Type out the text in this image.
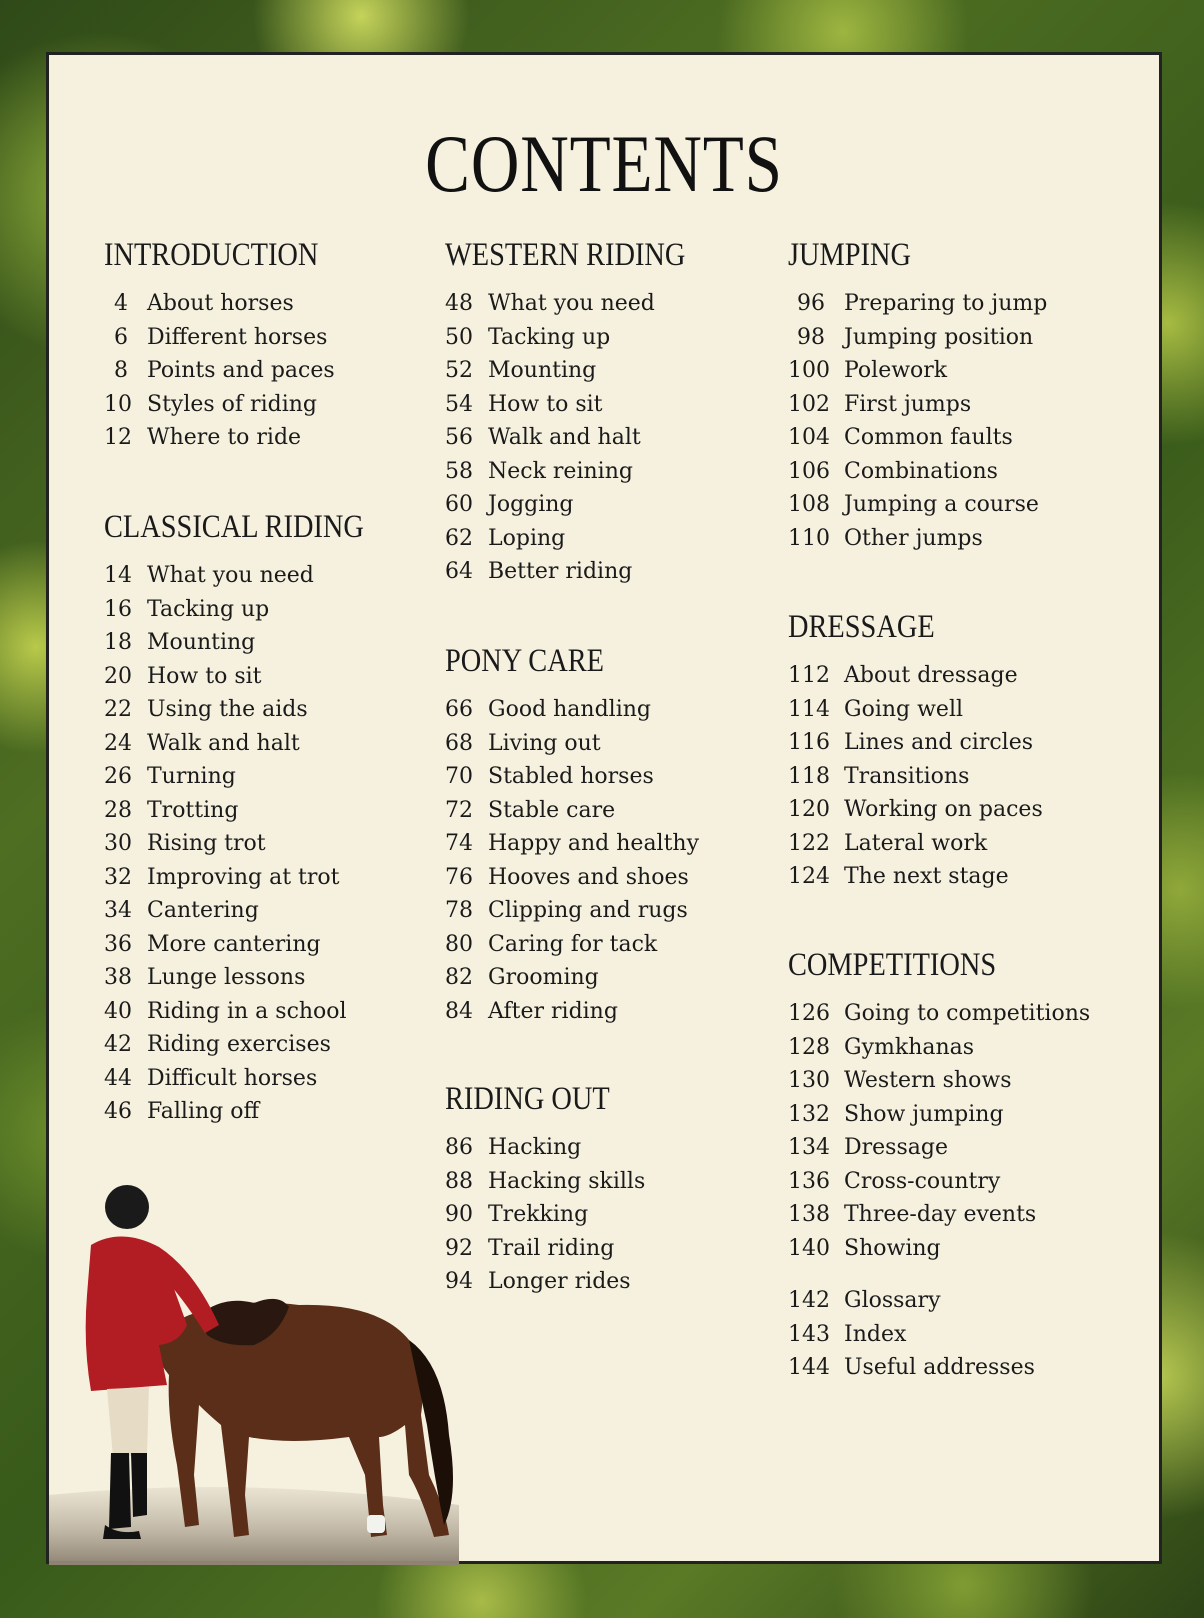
CONTENTS
INTRODUCTION
4 About horses
6 Different horses
8 Points and paces
10 Styles of riding
12 Where to ride
CLASSICAL RIDING
14 What you need
16 Tacking up
18 Mounting
20 How to sit
22 Using the aids
24 Walk and halt
26 Turning
28 Trotting
30 Rising trot
32 Improving at trot
34 Cantering
36 More cantering
38 Lunge lessons
40 Riding in a school
42 Riding exercises
44 Difficult horses
46 Falling off
WESTERN RIDING
48 What you need
50 Tacking up
52 Mounting
54 How to sit
56 Walk and halt
58 Neck reining
60 Jogging
62 Loping
64 Better riding
PONY CARE
66 Good handling
68 Living out
70 Stabled horses
72 Stable care
74 Happy and healthy
76 Hooves and shoes
78 Clipping and rugs
80 Caring for tack
82 Grooming
84 After riding
RIDING OUT
86 Hacking
88 Hacking skills
90 Trekking
92 Trail riding
94 Longer rides
JUMPING
96 Preparing to jump
98 Jumping position
100 Polework
102 First jumps
104 Common faults
106 Combinations
108 Jumping a course
110 Other jumps
DRESSAGE
112 About dressage
114 Going well
116 Lines and circles
118 Transitions
120 Working on paces
122 Lateral work
124 The next stage
COMPETITIONS
126 Going to competitions
128 Gymkhanas
130 Western shows
132 Show jumping
134 Dressage
136 Cross-country
138 Three-day events
140 Showing
142 Glossary
143 Index
144 Useful addresses
